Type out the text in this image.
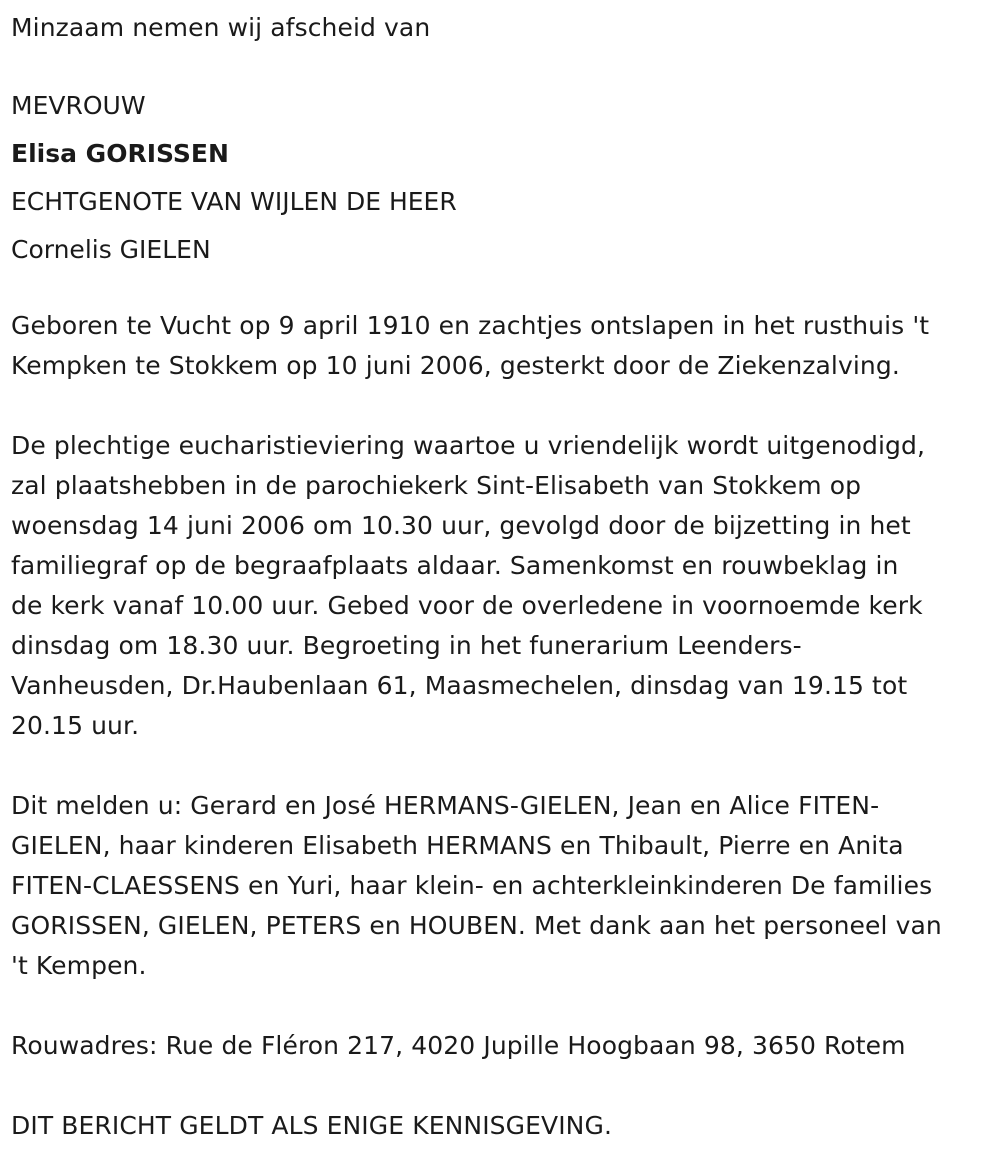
Minzaam nemen wij afscheid van
MEVROUW
Elisa GORISSEN
ECHTGENOTE VAN WIJLEN DE HEER
Cornelis GIELEN
Geboren te Vucht op 9 april 1910 en zachtjes ontslapen in het rusthuis 't
Kempken te Stokkem op 10 juni 2006, gesterkt door de Ziekenzalving.
De plechtige eucharistieviering waartoe u vriendelijk wordt uitgenodigd,
zal plaatshebben in de parochiekerk Sint-Elisabeth van Stokkem op
woensdag 14 juni 2006 om 10.30 uur, gevolgd door de bijzetting in het
familiegraf op de begraafplaats aldaar. Samenkomst en rouwbeklag in
de kerk vanaf 10.00 uur. Gebed voor de overledene in voornoemde kerk
dinsdag om 18.30 uur. Begroeting in het funerarium Leenders-
Vanheusden, Dr.Haubenlaan 61, Maasmechelen, dinsdag van 19.15 tot
20.15 uur.
Dit melden u: Gerard en José HERMANS-GIELEN, Jean en Alice FITEN-
GIELEN, haar kinderen Elisabeth HERMANS en Thibault, Pierre en Anita
FITEN-CLAESSENS en Yuri, haar klein- en achterkleinkinderen De families
GORISSEN, GIELEN, PETERS en HOUBEN. Met dank aan het personeel van
't Kempen.
Rouwadres: Rue de Fléron 217, 4020 Jupille Hoogbaan 98, 3650 Rotem
DIT BERICHT GELDT ALS ENIGE KENNISGEVING.
